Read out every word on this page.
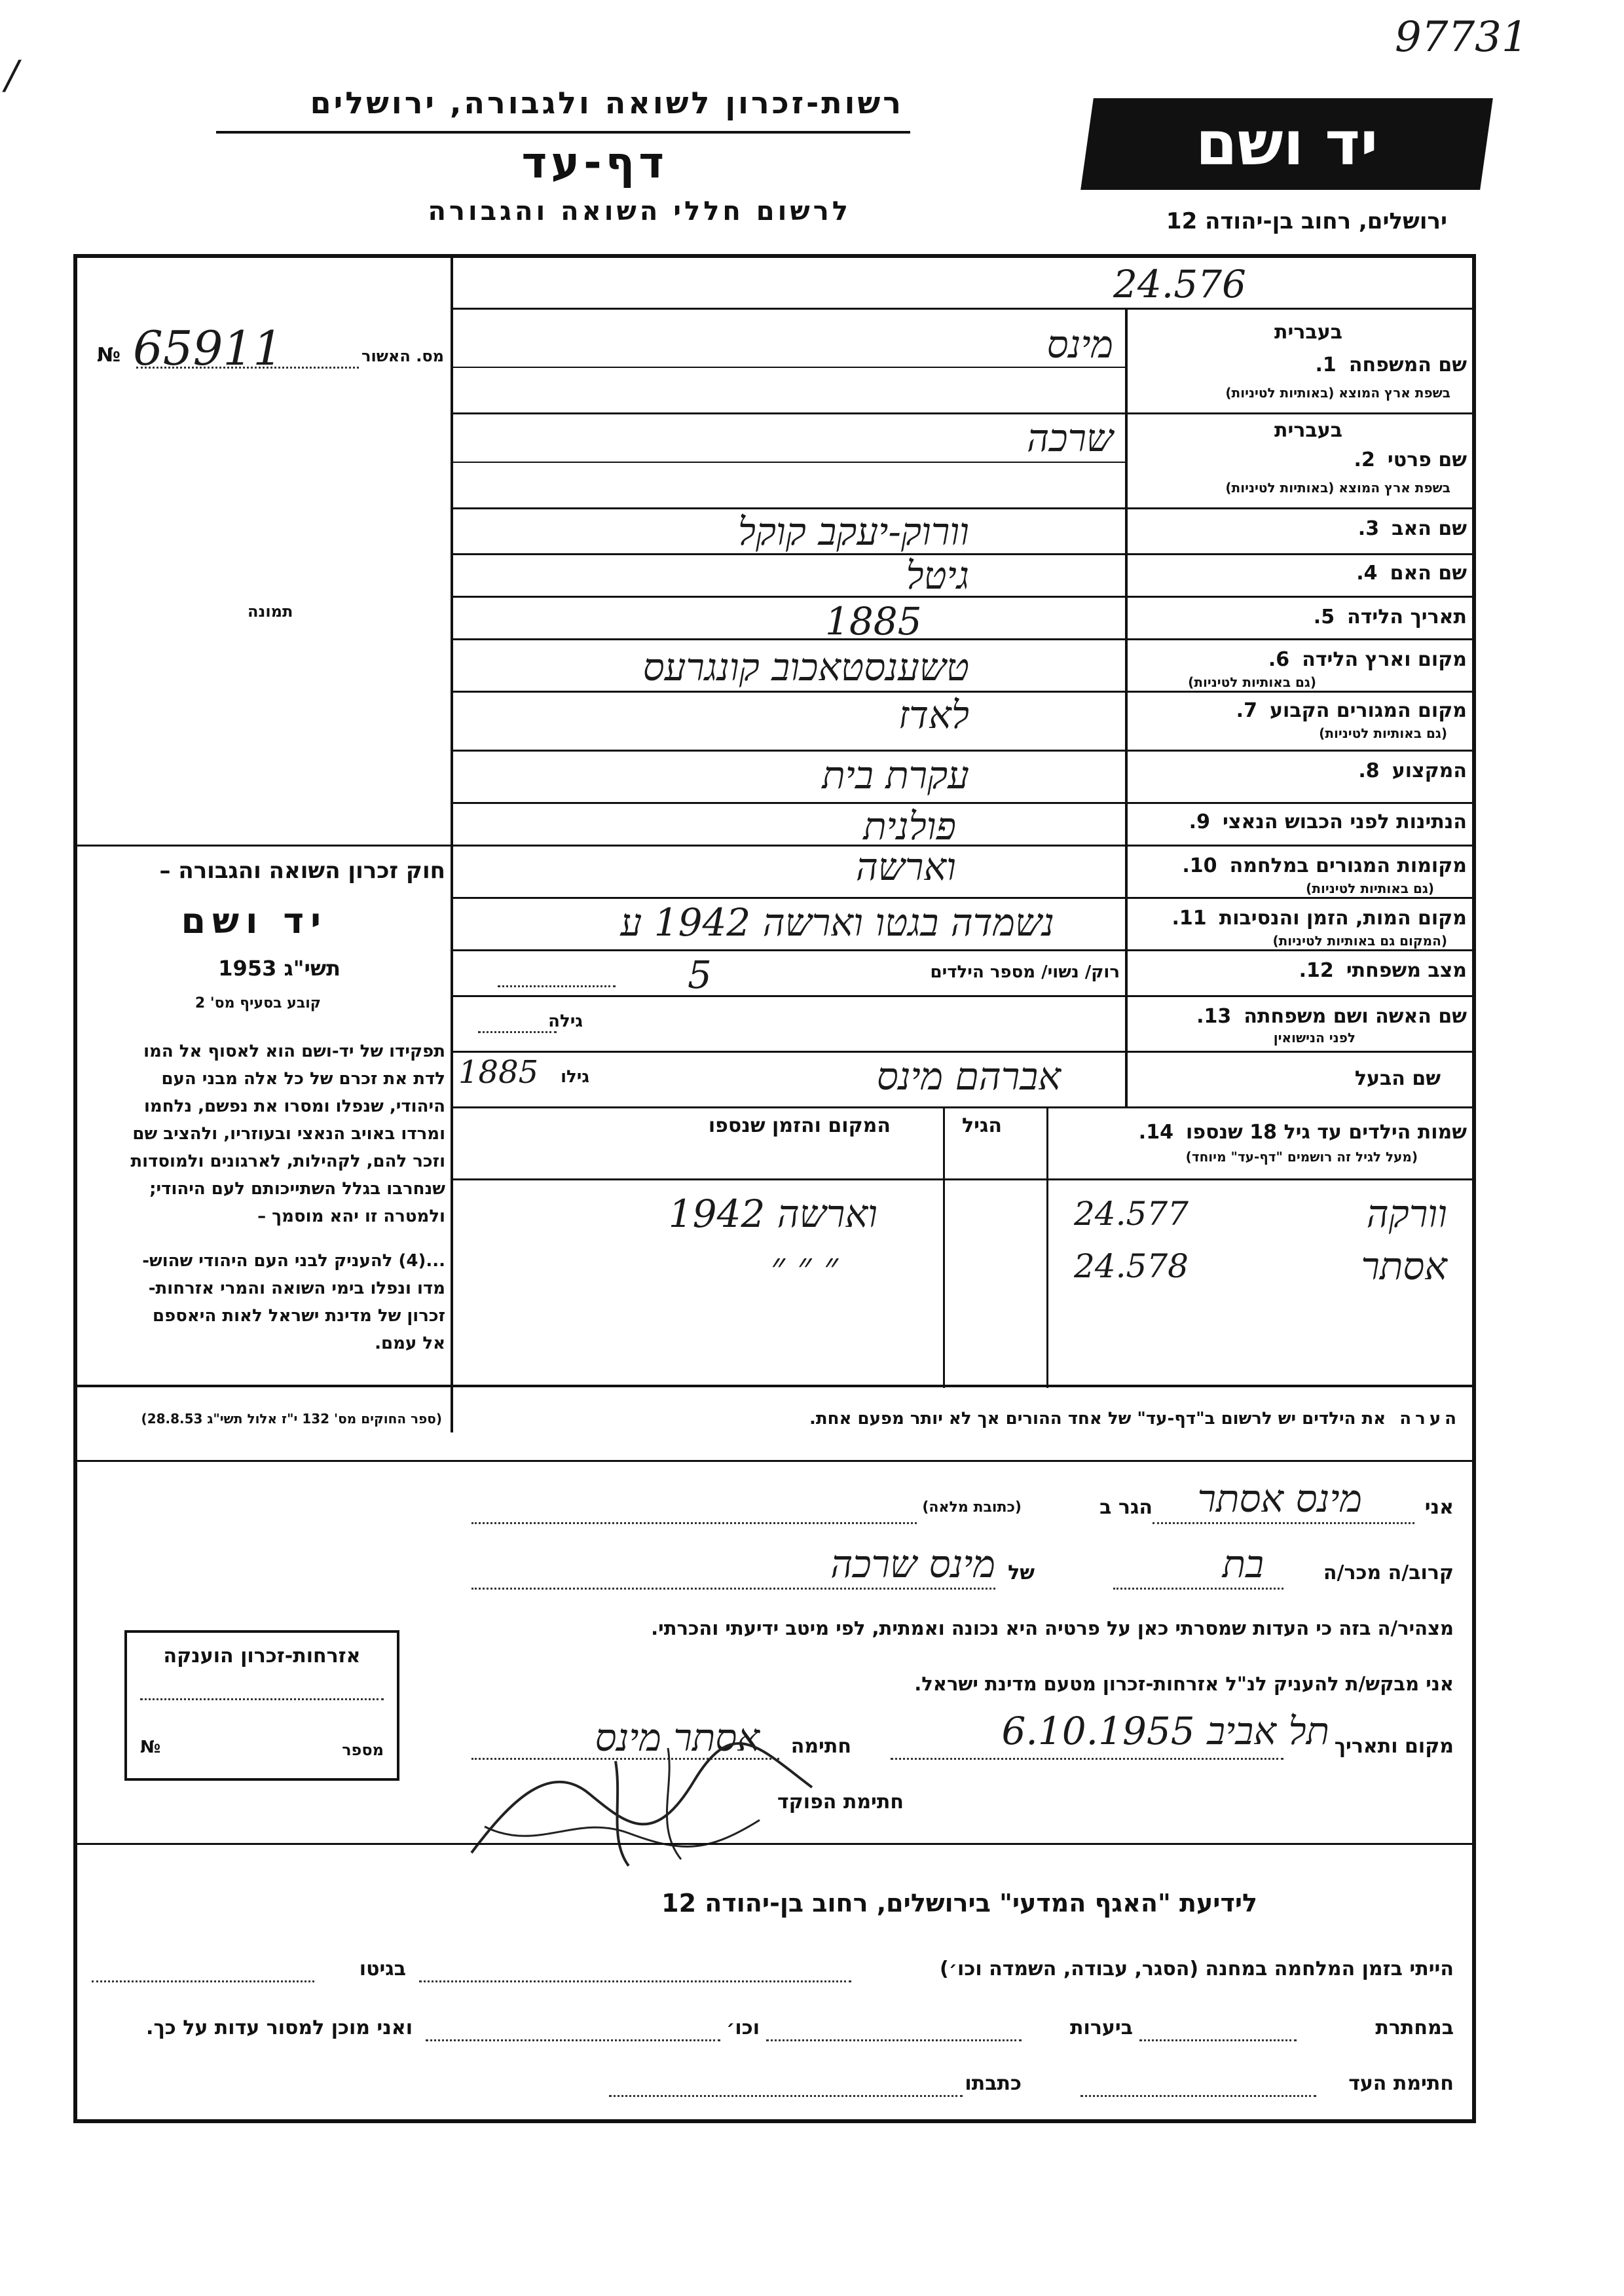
/
97731
רשות-זכרון לשואה ולגבורה, ירושלים
דף-עד
לרשום חללי השואה והגבורה
יד ושם
ירושלים, רחוב בן-יהודה 12
24.576
מס. האשור
№ 65911
תמונה
חוק זכרון השואה והגבורה –
יד ושם
תשי"ג 1953
קובע בסעיף מס' 2
תפקידו של יד-ושם הוא לאסוף אל המו
לדת את זכרם של כל אלה מבני העם
היהודי, שנפלו ומסרו את נפשם, נלחמו
ומרדו באויב הנאצי ובעוזריו, ולהציב שם
וזכר להם, לקהילות, לארגונים ולמוסדות
שנחרבו בגלל השתייכותם לעם היהודי;
ולמטרה זו יהא מוסמך –
...(4) להעניק לבני העם היהודי שהוש-
מדו ונפלו בימי השואה והמרי אזרחות-
זכרון של מדינת ישראל לאות היאספם
אל עמם.
(ספר החוקים מס' 132 י"ז אלול תשי"ג 28.8.53)
בעברית
שם המשפחה 1.
בשפת ארץ המוצא (באותיות לטיניות)
מינס
בעברית
שם פרטי 2.
בשפת ארץ המוצא (באותיות לטיניות)
שרכה
שם האב 3.
וורוק-יעקב קוקל
שם האם 4.
גיטל
תאריך הלידה 5.
1885
מקום וארץ הלידה 6.
(גם באותיות לטיניות)
טשענסטאכוב קונגרעס
מקום המגורים הקבוע 7.
(גם באותיות לטיניות)
לאדז
המקצוע 8.
עקרת בית
הנתינות לפני הכבוש הנאצי 9.
פולנית
מקומות המגורים במלחמה 10.
(גם באותיות לטיניות)
וארשה
מקום המות, הזמן והנסיבות 11.
(המקום גם באותיות לטיניות)
נשמדה בגטו וארשה 1942 ע
מצב משפחתי 12.
רוק/ נשוי/ מספר הילדים
5
שם האשה ושם משפחתה 13.
לפני הנישואין
גילה
שם הבעל
אברהם מינס
גילו
1885
שמות הילדים עד גיל 18 שנספו 14.
(מעל לגיל זה רושמים "דף-עד" מיוחד)
הגיל
המקום והזמן שנספו
וורקה
24.577
וארשה 1942
אסתר
24.578
״ ״ ״
הערה את הילדים יש לרשום ב"דף-עד" של אחד ההורים אך לא יותר מפעם אחת.
אני
מינס אסתר
הגר ב
(כתובת מלאה)
קרוב/ה מכר/ה
בת
של
מינס שרכה
מצהיר/ה בזה כי העדות שמסרתי כאן על פרטיה היא נכונה ואמתית, לפי מיטב ידיעתי והכרתי.
אני מבקש/ת להעניק לנ"ל אזרחות-זכרון מטעם מדינת ישראל.
מקום ותאריך
תל אביב 6.10.1955
חתימה
אסתר מינס
חתימת הפוקד
אזרחות-זכרון הוענקה
מספר
№
לידיעת "האגף המדעי" בירושלים, רחוב בן-יהודה 12
הייתי בזמן המלחמה במחנה (הסגר, עבודה, השמדה וכו׳)
בגיטו
במחתרת
ביערות
וכו׳
ואני מוכן למסור עדות על כך.
חתימת העד
כתבתו
